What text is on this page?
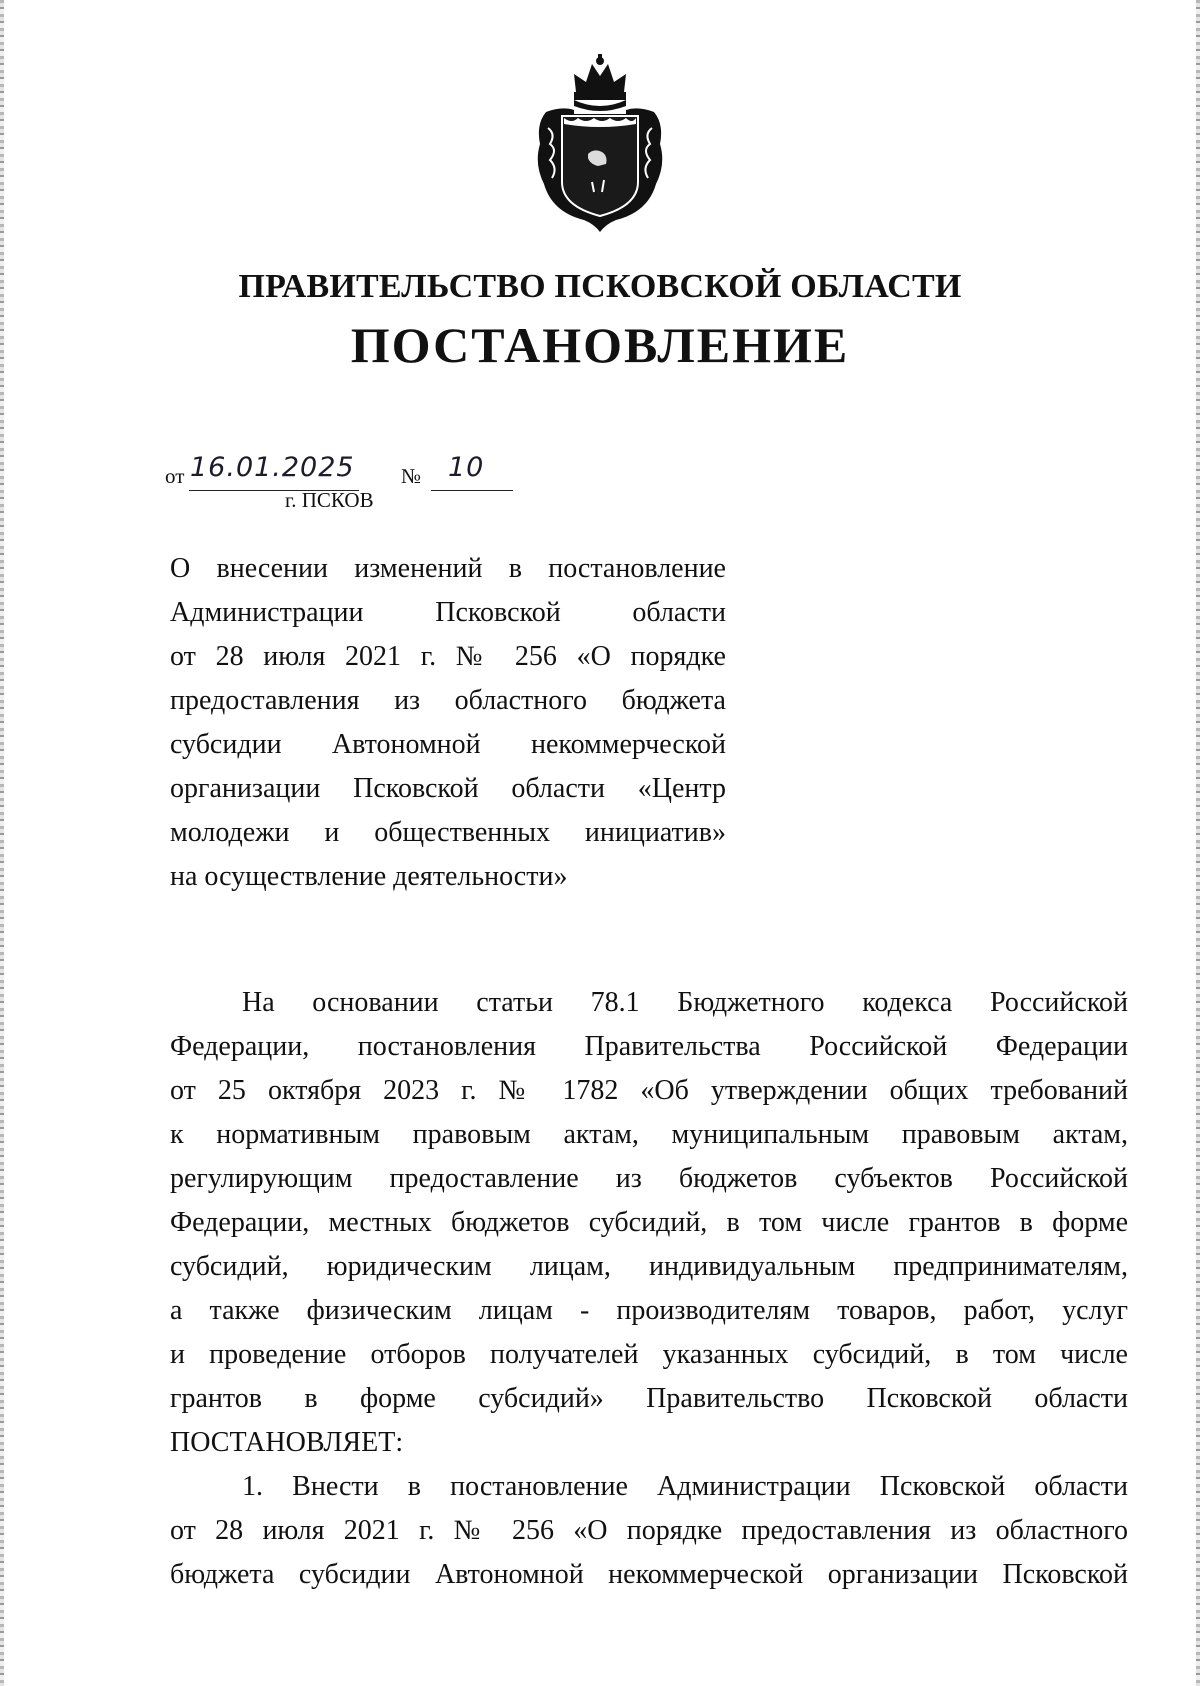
ПРАВИТЕЛЬСТВО ПСКОВСКОЙ ОБЛАСТИ
ПОСТАНОВЛЕНИЕ
от 16.01.2025 № 10
г. ПСКОВ

О внесении изменений в постановление
Администрации Псковской области
от 28 июля 2021 г. № 256 «О порядке
предоставления из областного бюджета
субсидии Автономной некоммерческой
организации Псковской области «Центр
молодежи и общественных инициатив»
на осуществление деятельности»

На основании статьи 78.1 Бюджетного кодекса Российской
Федерации, постановления Правительства Российской Федерации
от 25 октября 2023 г. № 1782 «Об утверждении общих требований
к нормативным правовым актам, муниципальным правовым актам,
регулирующим предоставление из бюджетов субъектов Российской
Федерации, местных бюджетов субсидий, в том числе грантов в форме
субсидий, юридическим лицам, индивидуальным предпринимателям,
а также физическим лицам - производителям товаров, работ, услуг
и проведение отборов получателей указанных субсидий, в том числе
грантов в форме субсидий» Правительство Псковской области
ПОСТАНОВЛЯЕТ:
1. Внести в постановление Администрации Псковской области
от 28 июля 2021 г. № 256 «О порядке предоставления из областного
бюджета субсидии Автономной некоммерческой организации Псковской
